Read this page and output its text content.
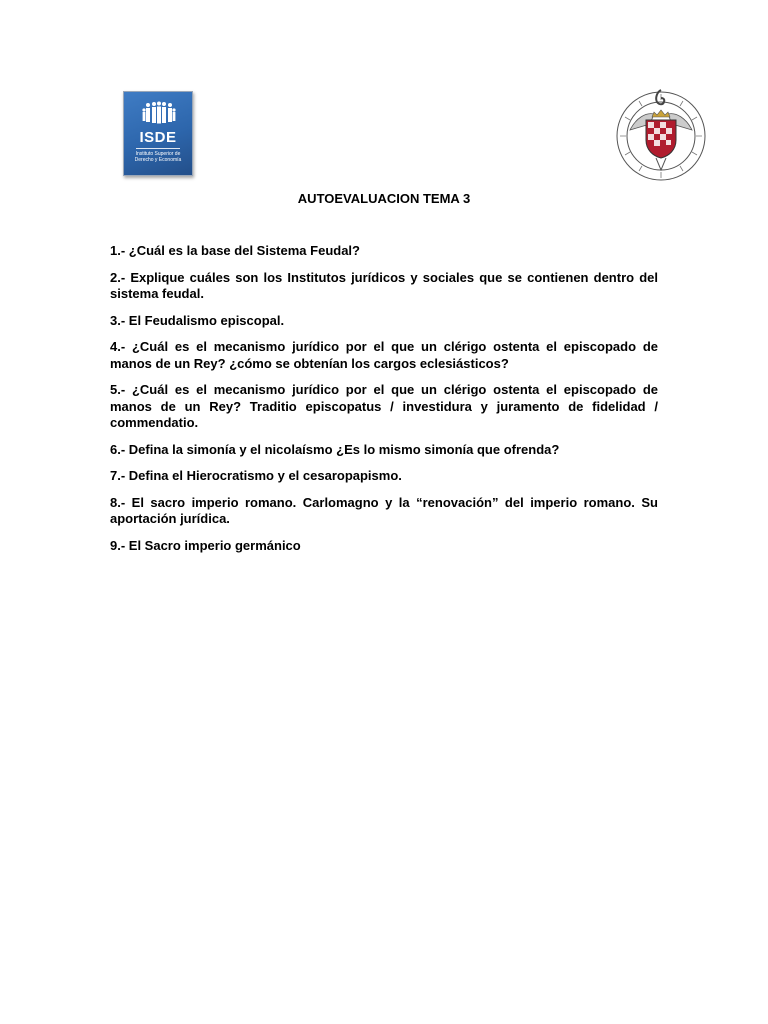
ISDE
Instituto Superior de
Derecho y Economía
AUTOEVALUACION TEMA 3
1.- ¿Cuál es la base del Sistema Feudal?
2.- Explique cuáles son los Institutos jurídicos y sociales que se contienen dentro del sistema feudal.
3.- El Feudalismo episcopal.
4.- ¿Cuál es el mecanismo jurídico por el que un clérigo ostenta el episcopado de manos de un Rey? ¿cómo se obtenían los cargos eclesiásticos?
5.- ¿Cuál es el mecanismo jurídico por el que un clérigo ostenta el episcopado de manos de un Rey? Traditio episcopatus / investidura y juramento de fidelidad / commendatio.
6.- Defina la simonía y el nicolaísmo ¿Es lo mismo simonía que ofrenda?
7.- Defina el Hierocratismo y el cesaropapismo.
8.- El sacro imperio romano. Carlomagno y la “renovación” del imperio romano. Su aportación jurídica.
9.- El Sacro imperio germánico
